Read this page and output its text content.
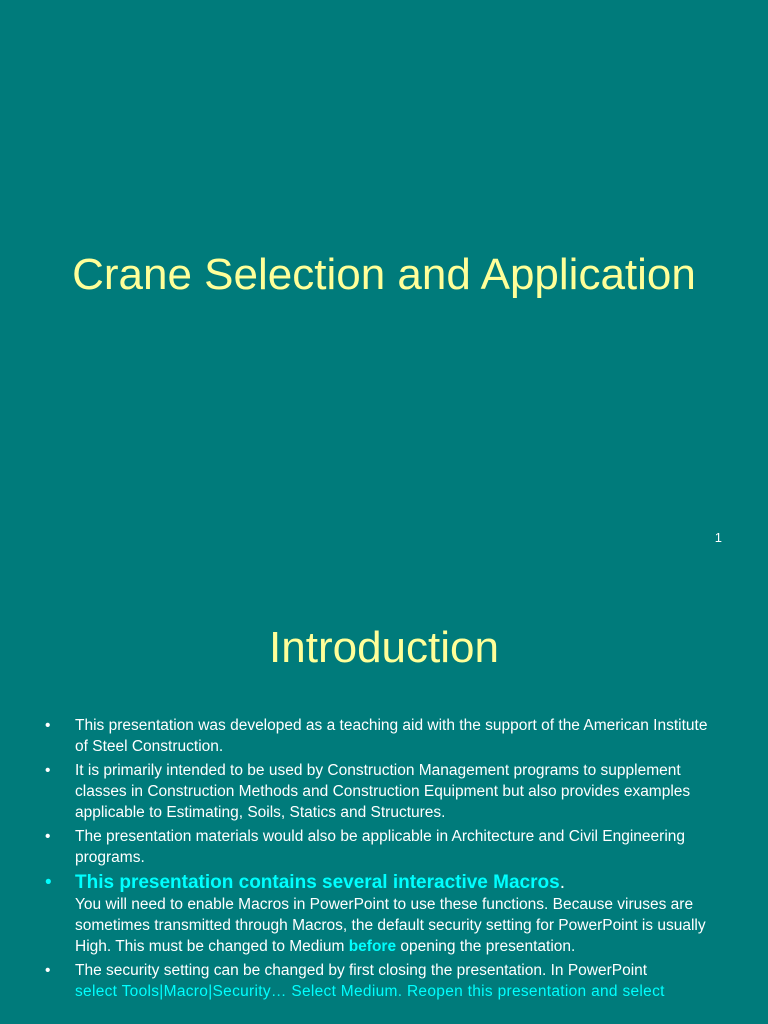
Crane Selection and Application
1
Introduction
• This presentation was developed as a teaching aid with the support of the American Institute of Steel Construction.
• It is primarily intended to be used by Construction Management programs to supplement classes in Construction Methods and Construction Equipment but also provides examples applicable to Estimating, Soils, Statics and Structures.
• The presentation materials would also be applicable in Architecture and Civil Engineering programs.
• This presentation contains several interactive Macros.
You will need to enable Macros in PowerPoint to use these functions. Because viruses are sometimes transmitted through Macros, the default security setting for PowerPoint is usually High. This must be changed to Medium before opening the presentation.
• The security setting can be changed by first closing the presentation. In PowerPoint
select Tools|Macro|Security… Select Medium. Reopen this presentation and select
